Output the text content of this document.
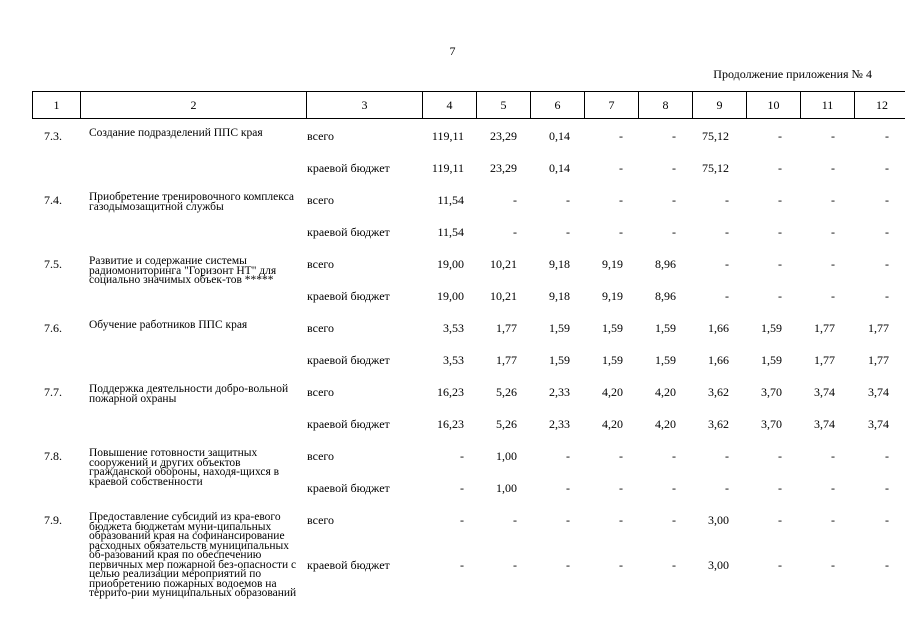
7
Продолжение приложения № 4
1	2	3	4	5	6	7	8	9	10	11	12
7.3.	Создание подразделений ППС края	всего	119,11	23,29	0,14	-	-	75,12	-	-	-
		краевой бюджет	119,11	23,29	0,14	-	-	75,12	-	-	-
7.4.	Приобретение тренировочного комплекса газодымозащитной службы	всего	11,54	-	-	-	-	-	-	-	-
		краевой бюджет	11,54	-	-	-	-	-	-	-	-
7.5.	Развитие и содержание системы радиомониторинга "Горизонт НТ" для социально значимых объек-тов *****	всего	19,00	10,21	9,18	9,19	8,96	-	-	-	-
		краевой бюджет	19,00	10,21	9,18	9,19	8,96	-	-	-	-
7.6.	Обучение работников ППС края	всего	3,53	1,77	1,59	1,59	1,59	1,66	1,59	1,77	1,77
		краевой бюджет	3,53	1,77	1,59	1,59	1,59	1,66	1,59	1,77	1,77
7.7.	Поддержка деятельности добро-вольной пожарной охраны	всего	16,23	5,26	2,33	4,20	4,20	3,62	3,70	3,74	3,74
		краевой бюджет	16,23	5,26	2,33	4,20	4,20	3,62	3,70	3,74	3,74
7.8.	Повышение готовности защитных сооружений и других объектов гражданской обороны, находя-щихся в краевой собственности	всего	-	1,00	-	-	-	-	-	-	-
		краевой бюджет	-	1,00	-	-	-	-	-	-	-
7.9.	Предоставление субсидий из кра-евого бюджета бюджетам муни-ципальных образований края на софинансирование расходных обязательств муниципальных об-разований края по обеспечению первичных мер пожарной без-опасности с целью реализации мероприятий по приобретению пожарных водоемов на террито-рии муниципальных образований	всего	-	-	-	-	-	3,00	-	-	-
		краевой бюджет	-	-	-	-	-	3,00	-	-	-
